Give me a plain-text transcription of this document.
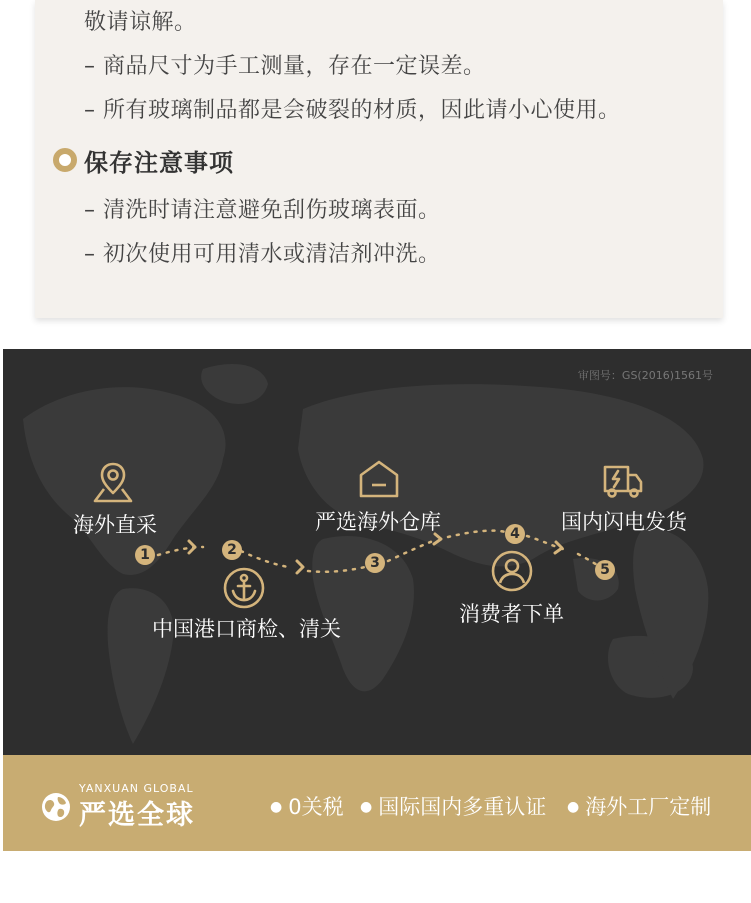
敬请谅解。
– 商品尺寸为手工测量，存在一定误差。
– 所有玻璃制品都是会破裂的材质，因此请小心使用。
保存注意事项
– 清洗时请注意避免刮伤玻璃表面。
– 初次使用可用清水或清洁剂冲洗。
审图号：GS(2016)1561号
海外直采
1	2
中国港口商检、清关
严选海外仓库
3
4
消费者下单
国内闪电发货
5
YANXUAN GLOBAL
严选全球	● 0关税 ● 国际国内多重认证 ● 海外工厂定制
